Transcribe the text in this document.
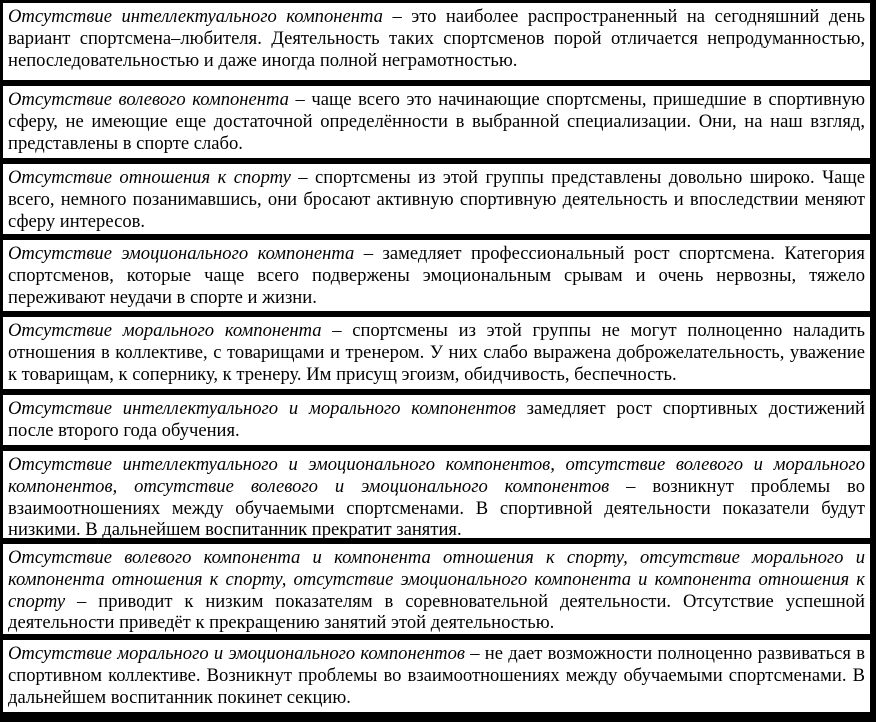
Отсутствие интеллектуального компонента – это наиболее распространенный на сегодняшний день вариант спортсмена–любителя. Деятельность таких спортсменов порой отличается непродуманностью, непоследовательностью и даже иногда полной неграмотностью.
Отсутствие волевого компонента – чаще всего это начинающие спортсмены, пришедшие в спортивную сферу, не имеющие еще достаточной определённости в выбранной специализации. Они, на наш взгляд, представлены в спорте слабо.
Отсутствие отношения к спорту – спортсмены из этой группы представлены довольно широко. Чаще всего, немного позанимавшись, они бросают активную спортивную деятельность и впоследствии меняют сферу интересов.
Отсутствие эмоционального компонента – замедляет профессиональный рост спортсмена. Категория спортсменов, которые чаще всего подвержены эмоциональным срывам и очень нервозны, тяжело переживают неудачи в спорте и жизни.
Отсутствие морального компонента – спортсмены из этой группы не могут полноценно наладить отношения в коллективе, с товарищами и тренером. У них слабо выражена доброжелательность, уважение к товарищам, к сопернику, к тренеру. Им присущ эгоизм, обидчивость, беспечность.
Отсутствие интеллектуального и морального компонентов замедляет рост спортивных достижений после второго года обучения.
Отсутствие интеллектуального и эмоционального компонентов, отсутствие волевого и морального компонентов, отсутствие волевого и эмоционального компонентов – возникнут проблемы во взаимоотношениях между обучаемыми спортсменами. В спортивной деятельности показатели будут низкими. В дальнейшем воспитанник прекратит занятия.
Отсутствие волевого компонента и компонента отношения к спорту, отсутствие морального и компонента отношения к спорту, отсутствие эмоционального компонента и компонента отношения к спорту – приводит к низким показателям в соревновательной деятельности. Отсутствие успешной деятельности приведёт к прекращению занятий этой деятельностью.
Отсутствие морального и эмоционального компонентов – не дает возможности полноценно развиваться в спортивном коллективе. Возникнут проблемы во взаимоотношениях между обучаемыми спортсменами. В дальнейшем воспитанник покинет секцию.
